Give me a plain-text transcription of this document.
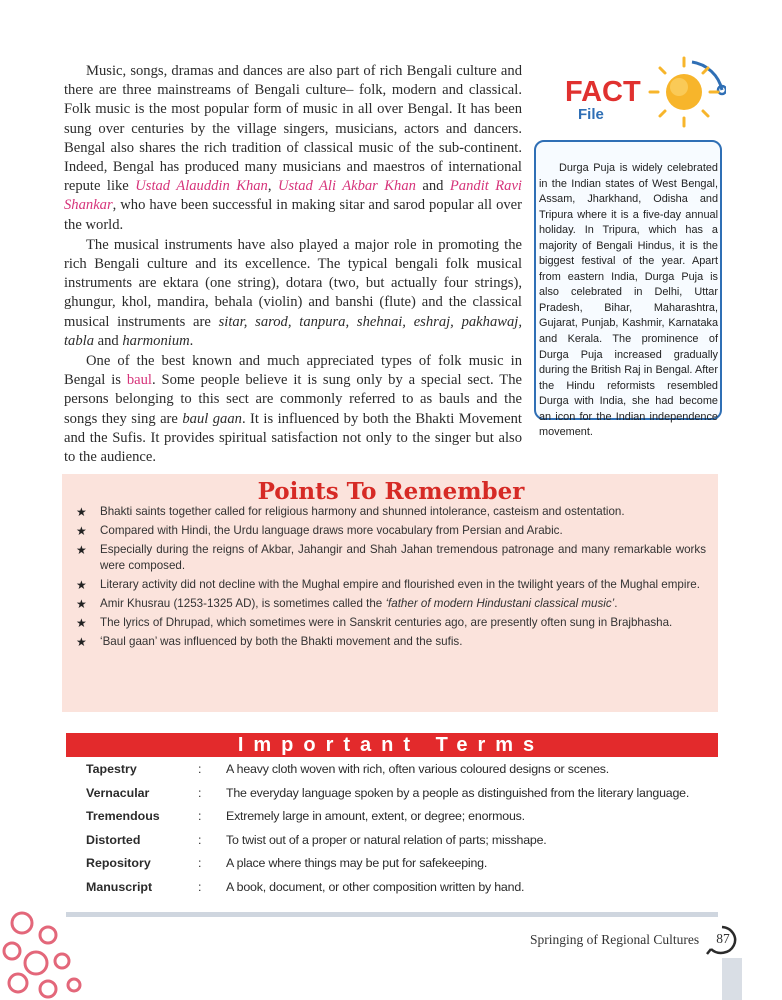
Music, songs, dramas and dances are also part of rich Bengali culture and there are three mainstreams of Bengali culture– folk, modern and classical. Folk music is the most popular form of music in all over Bengal. It has been sung over centuries by the village singers, musicians, actors and dancers. Bengal also shares the rich tradition of classical music of the sub-continent. Indeed, Bengal has produced many musicians and maestros of international repute like Ustad Alauddin Khan, Ustad Ali Akbar Khan and Pandit Ravi Shankar, who have been successful in making sitar and sarod popular all over the world.

The musical instruments have also played a major role in promoting the rich Bengali culture and its excellence. The typical bengali folk musical instruments are ektara (one string), dotara (two, but actually four strings), ghungur, khol, mandira, behala (violin) and banshi (flute) and the classical musical instruments are sitar, sarod, tanpura, shehnai, eshraj, pakhawaj, tabla and harmonium.

One of the best known and much appreciated types of folk music in Bengal is baul. Some people believe it is sung only by a special sect. The persons belonging to this sect are commonly referred to as bauls and the songs they sing are baul gaan. It is influenced by both the Bhakti Movement and the Sufis. It provides spiritual satisfaction not only to the singer but also to the audience.

FACT
File
Durga Puja is widely celebrated in the Indian states of West Bengal, Assam, Jharkhand, Odisha and Tripura where it is a five-day annual holiday. In Tripura, which has a majority of Bengali Hindus, it is the biggest festival of the year. Apart from eastern India, Durga Puja is also celebrated in Delhi, Uttar Pradesh, Bihar, Maharashtra, Gujarat, Punjab, Kashmir, Karnataka and Kerala. The prominence of Durga Puja increased gradually during the British Raj in Bengal. After the Hindu reformists resembled Durga with India, she had become an icon for the Indian independence movement.
★ Bhakti saints together called for religious harmony and shunned intolerance, casteism and ostentation.
★ Compared with Hindi, the Urdu language draws more vocabulary from Persian and Arabic.
★ Especially during the reigns of Akbar, Jahangir and Shah Jahan tremendous patronage and many remarkable works were composed.
★ Literary activity did not decline with the Mughal empire and flourished even in the twilight years of the Mughal empire.
★ Amir Khusrau (1253-1325 AD), is sometimes called the ‘father of modern Hindustani classical music’.
★ The lyrics of Dhrupad, which sometimes were in Sanskrit centuries ago, are presently often sung in Brajbhasha.
★ ‘Baul gaan’ was influenced by both the Bhakti movement and the sufis.
Points To Remember
Important Terms
Tapestry	: A heavy cloth woven with rich, often various coloured designs or scenes.
Vernacular	: The everyday language spoken by a people as distinguished from the literary language.
Tremendous	: Extremely large in amount, extent, or degree; enormous.
Distorted	: To twist out of a proper or natural relation of parts; misshape.
Repository	: A place where things may be put for safekeeping.
Manuscript	: A book, document, or other composition written by hand.
Springing of Regional Cultures	87
